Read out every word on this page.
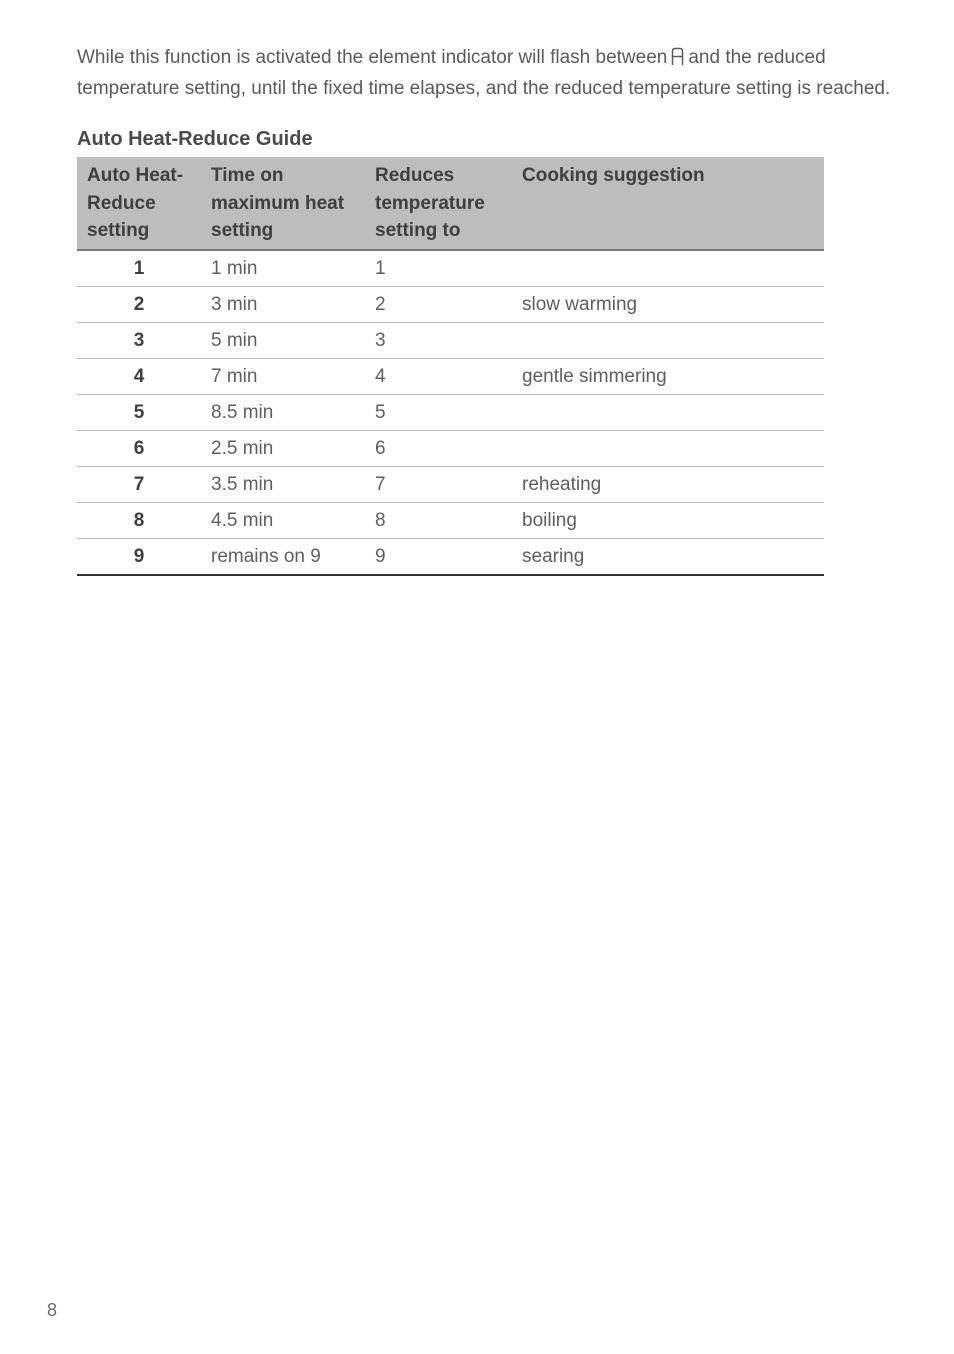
While this function is activated the element indicator will flash between and the reduced temperature setting, until the fixed time elapses, and the reduced temperature setting is reached.

Auto Heat-Reduce Guide
Auto Heat-Reduce setting	Time on maximum heat setting	Reduces temperature setting to	Cooking suggestion
1	1 min	1	
2	3 min	2	slow warming
3	5 min	3	
4	7 min	4	gentle simmering
5	8.5 min	5	
6	2.5 min	6	
7	3.5 min	7	reheating
8	4.5 min	8	boiling
9	remains on 9	9	searing
8
